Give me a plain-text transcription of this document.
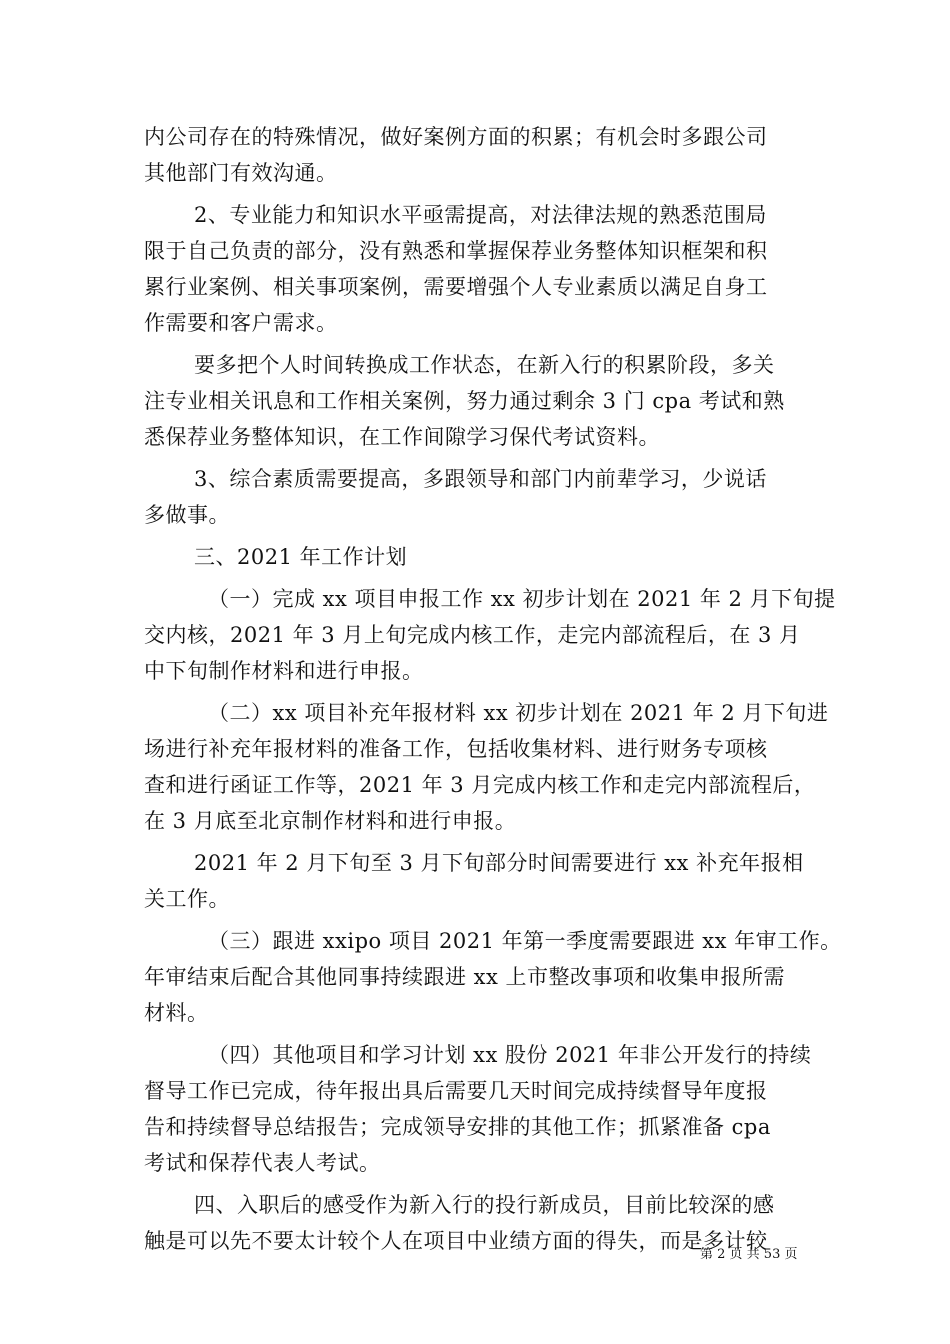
内公司存在的特殊情况，做好案例方面的积累；有机会时多跟公司
其他部门有效沟通。
2、专业能力和知识水平亟需提高，对法律法规的熟悉范围局
限于自己负责的部分，没有熟悉和掌握保荐业务整体知识框架和积
累行业案例、相关事项案例，需要增强个人专业素质以满足自身工
作需要和客户需求。
要多把个人时间转换成工作状态，在新入行的积累阶段，多关
注专业相关讯息和工作相关案例，努力通过剩余 3 门 cpa 考试和熟
悉保荐业务整体知识，在工作间隙学习保代考试资料。
3、综合素质需要提高，多跟领导和部门内前辈学习，少说话
多做事。
三、2021 年工作计划
（一）完成 xx 项目申报工作 xx 初步计划在 2021 年 2 月下旬提
交内核，2021 年 3 月上旬完成内核工作，走完内部流程后，在 3 月
中下旬制作材料和进行申报。
（二）xx 项目补充年报材料 xx 初步计划在 2021 年 2 月下旬进
场进行补充年报材料的准备工作，包括收集材料、进行财务专项核
查和进行函证工作等，2021 年 3 月完成内核工作和走完内部流程后，
在 3 月底至北京制作材料和进行申报。
2021 年 2 月下旬至 3 月下旬部分时间需要进行 xx 补充年报相
关工作。
（三）跟进 xxipo 项目 2021 年第一季度需要跟进 xx 年审工作。
年审结束后配合其他同事持续跟进 xx 上市整改事项和收集申报所需
材料。
（四）其他项目和学习计划 xx 股份 2021 年非公开发行的持续
督导工作已完成，待年报出具后需要几天时间完成持续督导年度报
告和持续督导总结报告；完成领导安排的其他工作；抓紧准备 cpa
考试和保荐代表人考试。
四、入职后的感受作为新入行的投行新成员，目前比较深的感
触是可以先不要太计较个人在项目中业绩方面的得失，而是多计较
第 2 页 共 53 页
